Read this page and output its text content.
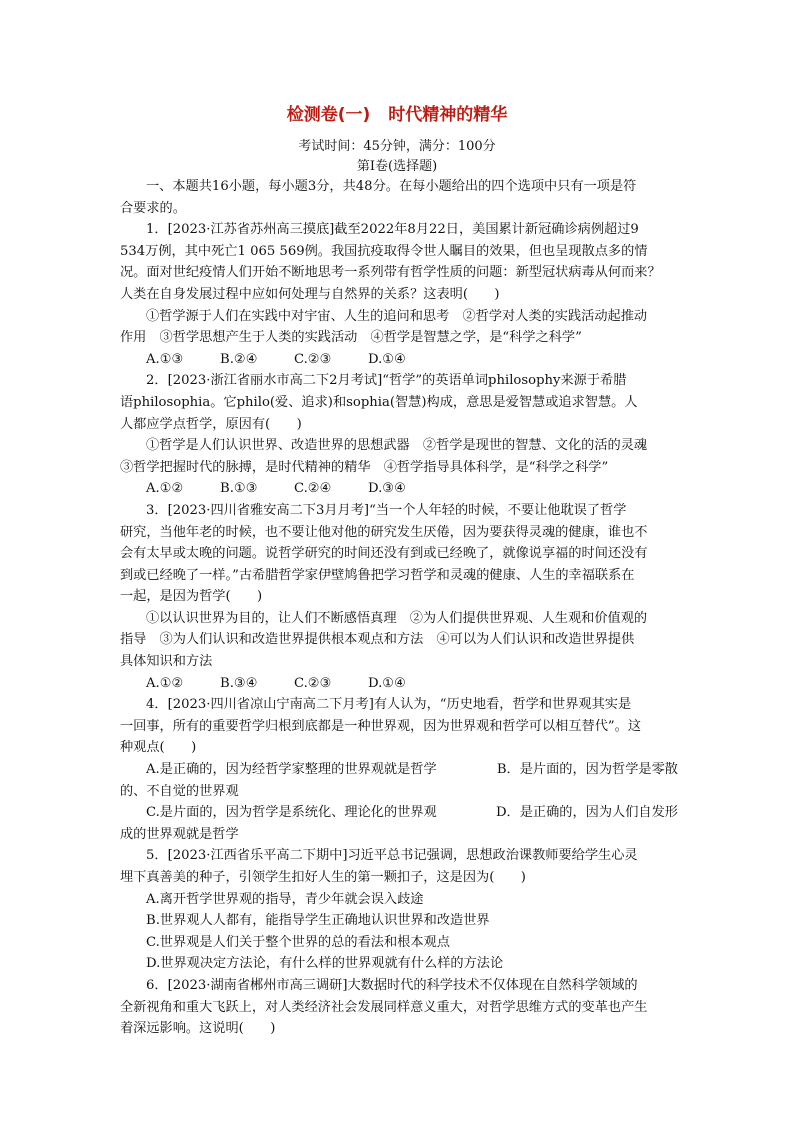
检测卷(一) 时代精神的精华
考试时间：45分钟，满分：100分
第Ⅰ卷(选择题)

一、本题共16小题，每小题3分，共48分。在每小题给出的四个选项中只有一项是符

合要求的。

1．[2023·江苏省苏州高三摸底]截至2022年8月22日，美国累计新冠确诊病例超过9

534万例，其中死亡1 065 569例。我国抗疫取得令世人瞩目的效果，但也呈现散点多的情

况。面对世纪疫情人们开始不断地思考一系列带有哲学性质的问题：新型冠状病毒从何而来？

人类在自身发展过程中应如何处理与自然界的关系？这表明(　　)

①哲学源于人们在实践中对宇宙、人生的追问和思考　②哲学对人类的实践活动起推动

作用　③哲学思想产生于人类的实践活动　④哲学是智慧之学，是“科学之科学”

A.①③	B.②④	C.②③	D.①④

2．[2023·浙江省丽水市高二下2月考试]“哲学”的英语单词philosophy来源于希腊

语philosophia。它philo(爱、追求)和sophia(智慧)构成，意思是爱智慧或追求智慧。人

人都应学点哲学，原因有(　　)

①哲学是人们认识世界、改造世界的思想武器　②哲学是现世的智慧、文化的活的灵魂

③哲学把握时代的脉搏，是时代精神的精华　④哲学指导具体科学，是“科学之科学”

A.①②	B.①③	C.②④	D.③④

3．[2023·四川省雅安高二下3月月考]“当一个人年轻的时候，不要让他耽误了哲学

研究，当他年老的时候，也不要让他对他的研究发生厌倦，因为要获得灵魂的健康，谁也不

会有太早或太晚的问题。说哲学研究的时间还没有到或已经晚了，就像说享福的时间还没有

到或已经晚了一样。”古希腊哲学家伊壁鸠鲁把学习哲学和灵魂的健康、人生的幸福联系在

一起，是因为哲学(　　)

①以认识世界为目的，让人们不断感悟真理　②为人们提供世界观、人生观和价值观的

指导　③为人们认识和改造世界提供根本观点和方法　④可以为人们认识和改造世界提供

具体知识和方法

A.①②	B.③④	C.②③	D.①④

4．[2023·四川省凉山宁南高二下月考]有人认为，“历史地看，哲学和世界观其实是

一回事，所有的重要哲学归根到底都是一种世界观，因为世界观和哲学可以相互替代”。这

种观点(　　)

A.是正确的，因为经哲学家整理的世界观就是哲学	B．是片面的，因为哲学是零散

的、不自觉的世界观

C.是片面的，因为哲学是系统化、理论化的世界观	D．是正确的，因为人们自发形

成的世界观就是哲学

5．[2023·江西省乐平高二下期中]习近平总书记强调，思想政治课教师要给学生心灵

埋下真善美的种子，引领学生扣好人生的第一颗扣子，这是因为(　　)

A.离开哲学世界观的指导，青少年就会误入歧途

B.世界观人人都有，能指导学生正确地认识世界和改造世界

C.世界观是人们关于整个世界的总的看法和根本观点

D.世界观决定方法论，有什么样的世界观就有什么样的方法论

6．[2023·湖南省郴州市高三调研]大数据时代的科学技术不仅体现在自然科学领域的

全新视角和重大飞跃上，对人类经济社会发展同样意义重大，对哲学思维方式的变革也产生

着深远影响。这说明(　　)
